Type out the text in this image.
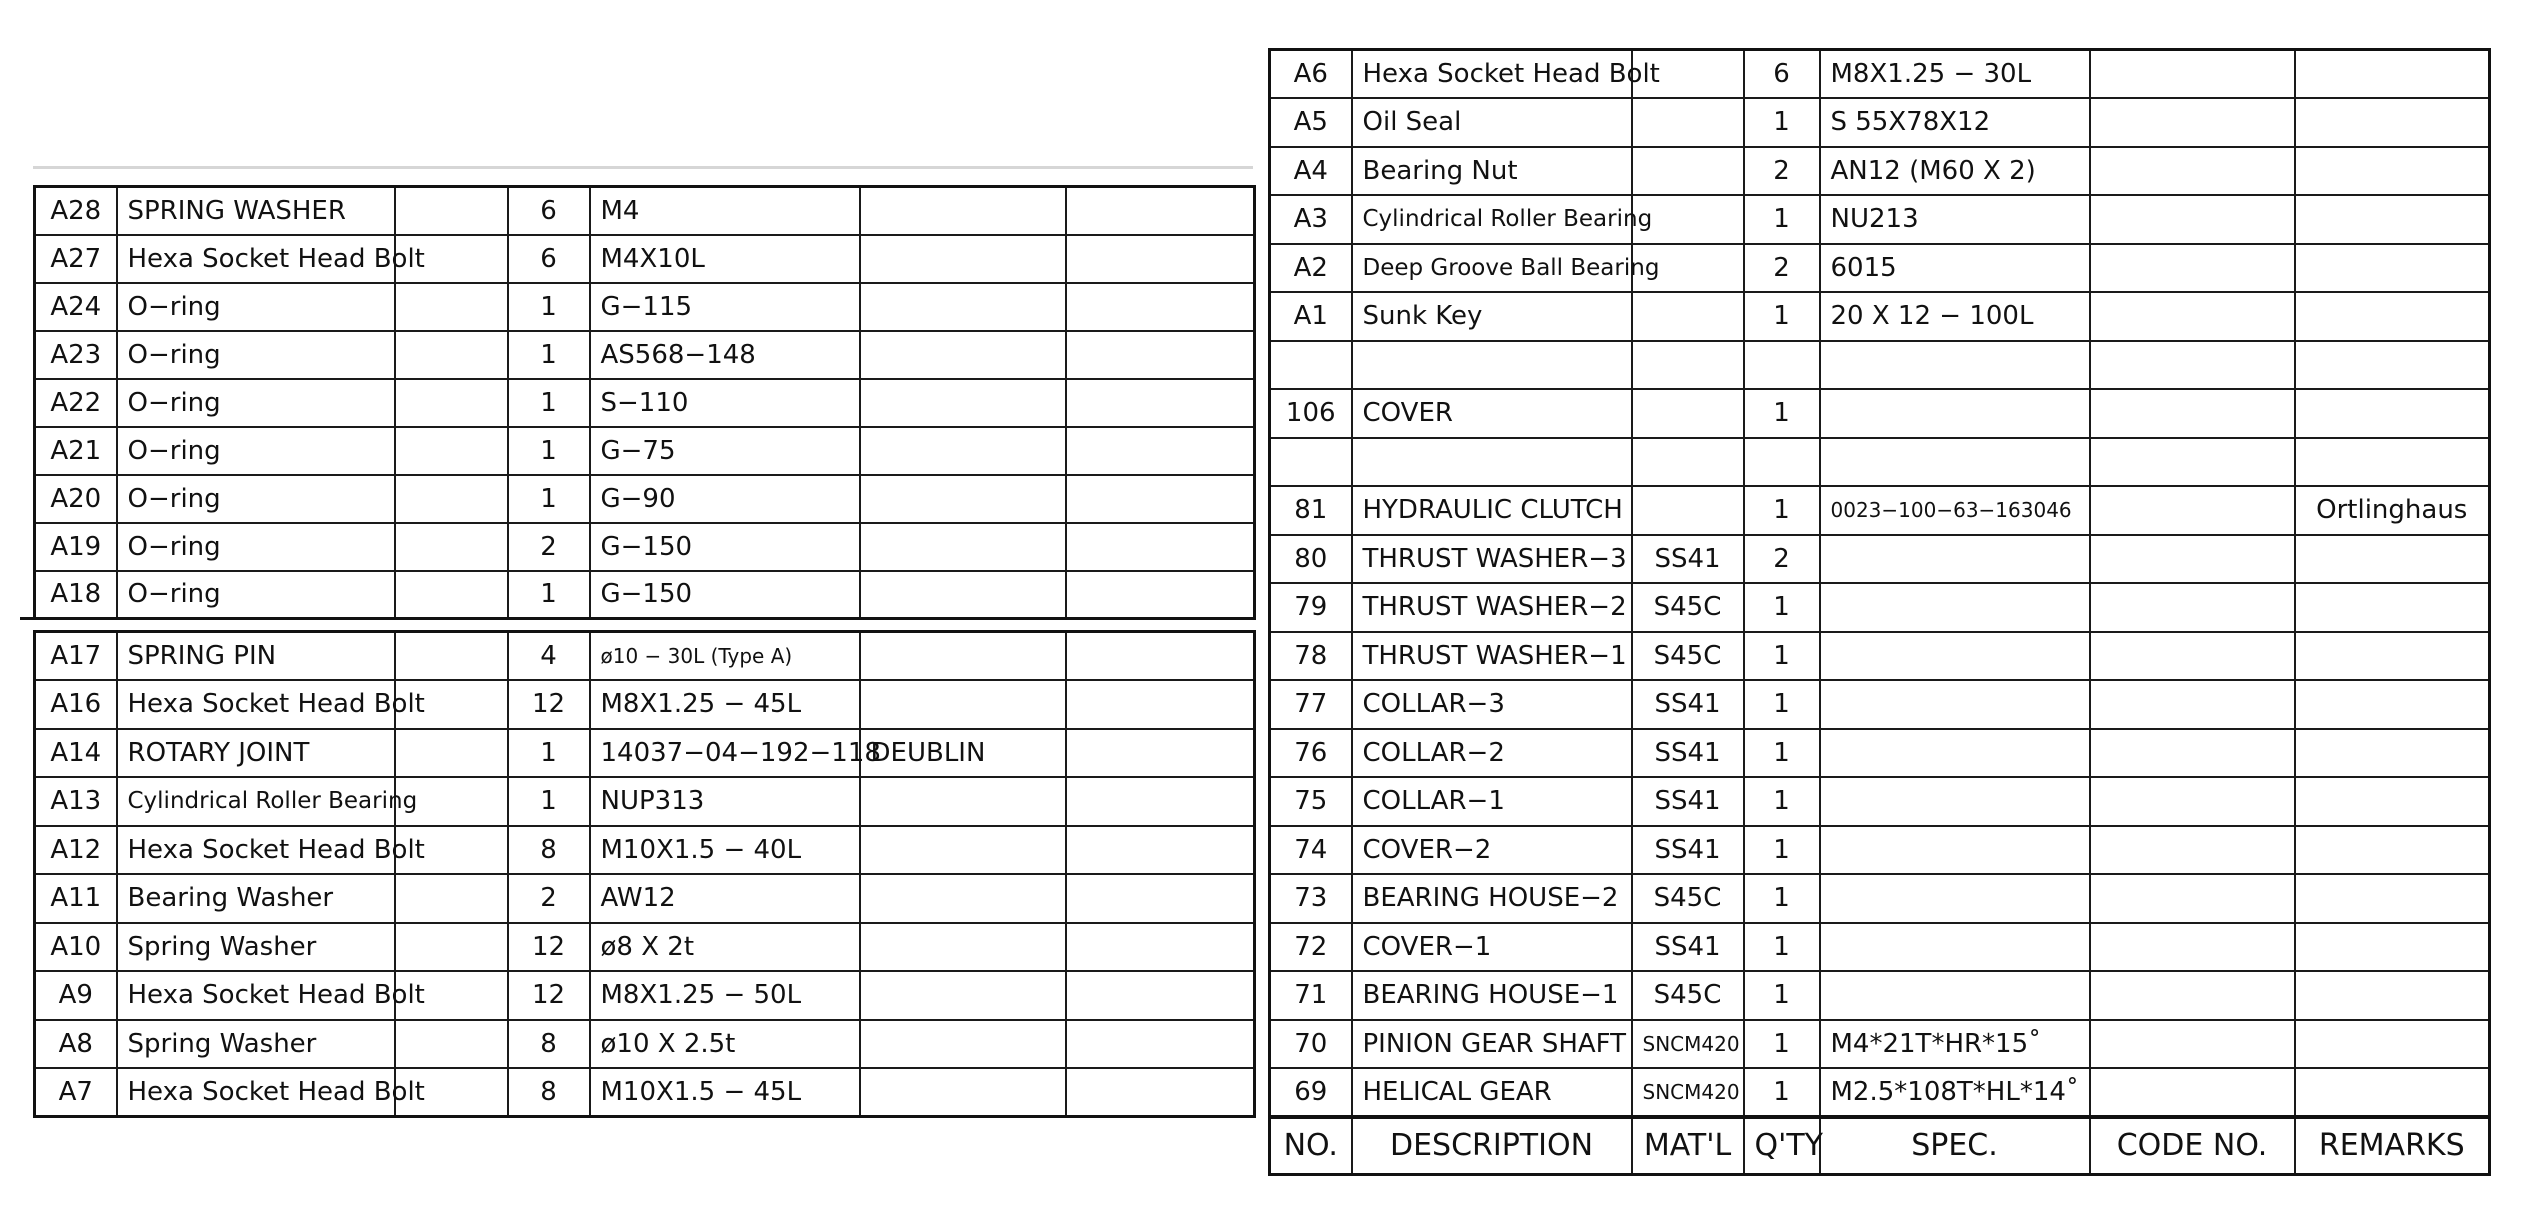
A28	SPRING WASHER		6	M4		
A27	Hexa Socket Head Bolt		6	M4X10L		
A24	O−ring		1	G−115		
A23	O−ring		1	AS568−148		
A22	O−ring		1	S−110		
A21	O−ring		1	G−75		
A20	O−ring		1	G−90		
A19	O−ring		2	G−150		
A18	O−ring		1	G−150		
A17	SPRING PIN		4	ø10 − 30L (Type A)		
A16	Hexa Socket Head Bolt		12	M8X1.25 − 45L		
A14	ROTARY JOINT		1	14037−04−192−118	DEUBLIN	
A13	Cylindrical Roller Bearing		1	NUP313		
A12	Hexa Socket Head Bolt		8	M10X1.5 − 40L		
A11	Bearing Washer		2	AW12		
A10	Spring Washer		12	ø8 X 2t		
A9	Hexa Socket Head Bolt		12	M8X1.25 − 50L		
A8	Spring Washer		8	ø10 X 2.5t		
A7	Hexa Socket Head Bolt		8	M10X1.5 − 45L		
A6	Hexa Socket Head Bolt		6	M8X1.25 − 30L		
A5	Oil Seal		1	S 55X78X12		
A4	Bearing Nut		2	AN12 (M60 X 2)		
A3	Cylindrical Roller Bearing		1	NU213		
A2	Deep Groove Ball Bearing		2	6015		
A1	Sunk Key		1	20 X 12 − 100L		

106	COVER		1			

81	HYDRAULIC CLUTCH		1	0023−100−63−163046		Ortlinghaus
80	THRUST WASHER−3	SS41	2			
79	THRUST WASHER−2	S45C	1			
78	THRUST WASHER−1	S45C	1			
77	COLLAR−3	SS41	1			
76	COLLAR−2	SS41	1			
75	COLLAR−1	SS41	1			
74	COVER−2	SS41	1			
73	BEARING HOUSE−2	S45C	1			
72	COVER−1	SS41	1			
71	BEARING HOUSE−1	S45C	1			
70	PINION GEAR SHAFT	SNCM420	1	M4*21T*HR*15˚		
69	HELICAL GEAR	SNCM420	1	M2.5*108T*HL*14˚		
NO.	DESCRIPTION	MAT'L	Q'TY	SPEC.	CODE NO.	REMARKS
